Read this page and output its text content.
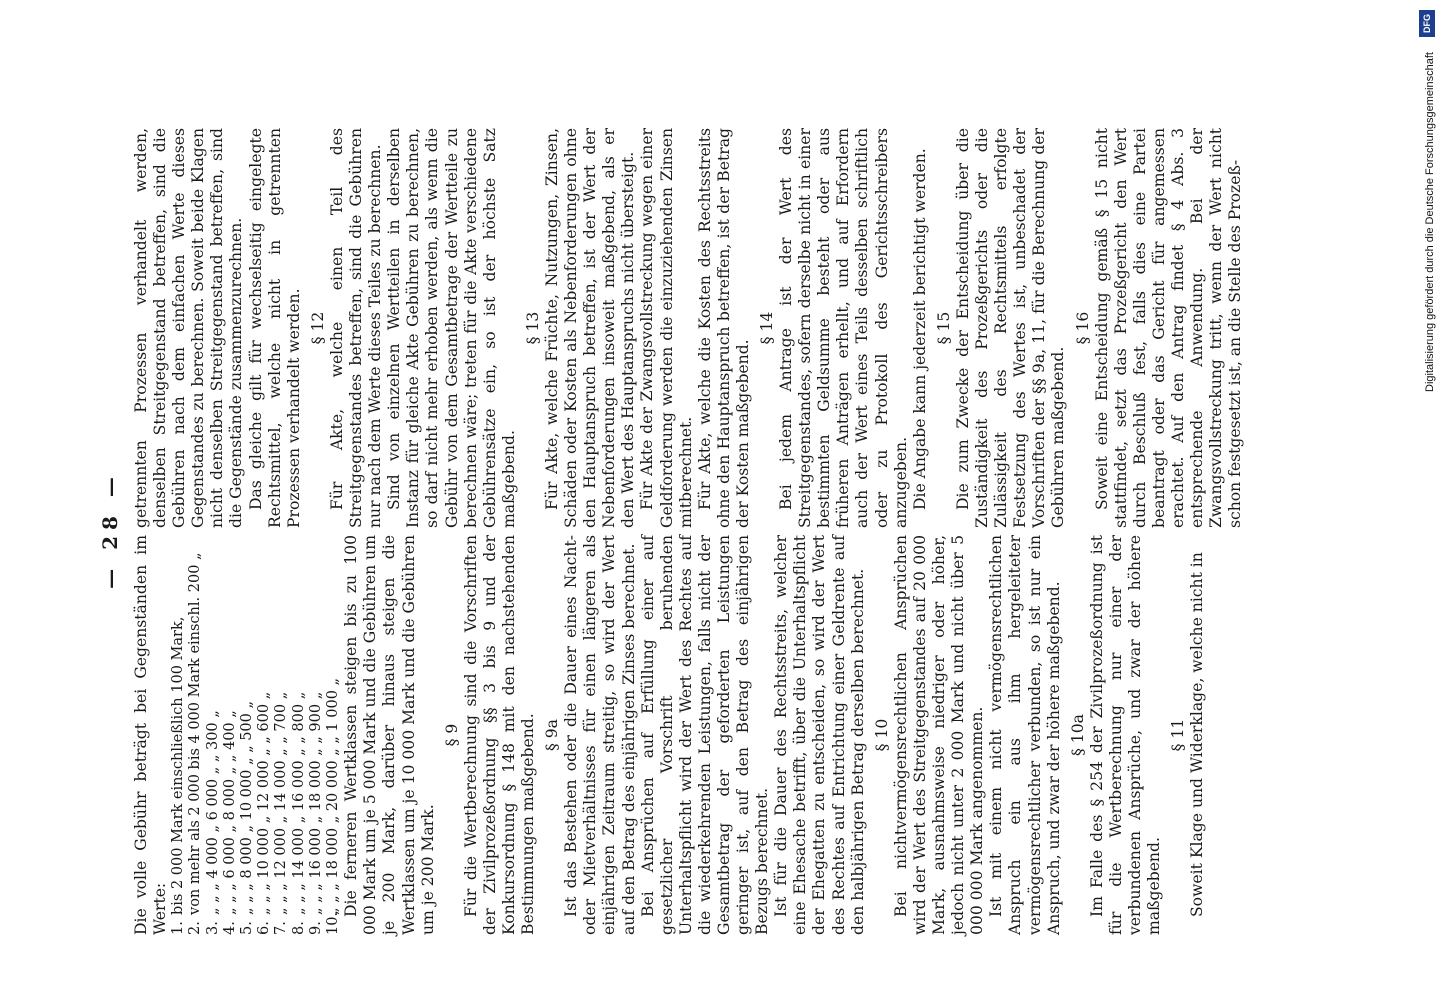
— 28 —

Die volle Gebühr beträgt bei Gegenständen im Werte: 1.bis 2 000 Mark einschließlich 100 Mark,
2.von mehr als 2 000 bis 4 000 Mark einschl. 200 „
3.„ „ „ 4 000 „ 6 000 „ „ 300 „
4.„ „ „ 6 000 „ 8 000 „ „ 400 „
5.„ „ „ 8 000 „ 10 000 „ „ 500 „
6.„ „ „ 10 000 „ 12 000 „ „ 600 „
7.„ „ „ 12 000 „ 14 000 „ „ 700 „
8.„ „ „ 14 000 „ 16 000 „ „ 800 „
9.„ „ „ 16 000 „ 18 000 „ „ 900 „
10.„ „ „ 18 000 „ 20 000 „ „ 1 000 „ Die ferneren Wertklassen steigen bis zu 100 000 Mark um je 5 000 Mark und die Gebühren um je 200 Mark, darüber hinaus steigen die Wertklassen um je 10 000 Mark und die Gebühren um je 200 Mark.

§ 9 Für die Wertberechnung sind die Vorschriften der Zivilprozeßordnung §§ 3 bis 9 und der Konkursordnung § 148 mit den nachstehenden Bestimmungen maßgebend. § 9a Ist das Bestehen oder die Dauer eines Nacht- oder Mietverhältnisses für einen längeren als einjährigen Zeitraum streitig, so wird der Wert auf den Betrag des einjährigen Zinses berechnet. Bei Ansprüchen auf Erfüllung einer auf gesetzlicher Vorschrift beruhenden Unterhaltspflicht wird der Wert des Rechtes auf die wiederkehrenden Leistungen, falls nicht der Gesamtbetrag der geforderten Leistungen geringer ist, auf den Betrag des einjährigen Bezugs berechnet. Ist für die Dauer des Rechtsstreits, welcher eine Ehesache betrifft, über die Unterhaltspflicht der Ehegatten zu entscheiden, so wird der Wert des Rechtes auf Entrichtung einer Geldrente auf den halbjährigen Betrag derselben berechnet. § 10 Bei nichtvermögensrechtlichen Ansprüchen wird der Wert des Streitgegenstandes auf 20 000 Mark, ausnahmsweise niedriger oder höher, jedoch nicht unter 2 000 Mark und nicht über 5 000 000 Mark angenommen. Ist mit einem nicht vermögensrechtlichen Anspruch ein aus ihm hergeleiteter vermögensrechtlicher verbunden, so ist nur ein Anspruch, und zwar der höhere maßgebend. § 10a Im Falle des § 254 der Zivilprozeßordnung ist für die Wertberechnung nur einer der verbundenen Ansprüche, und zwar der höhere maßgebend.

§ 11 Soweit Klage und Widerklage, welche nicht in

getrennten Prozessen verhandelt werden, denselben Streitgegenstand betreffen, sind die Gebühren nach dem einfachen Werte dieses Gegenstandes zu berechnen. Soweit beide Klagen nicht denselben Streitgegenstand betreffen, sind die Gegenstände zusammenzurechnen. Das gleiche gilt für wechselseitig eingelegte Rechtsmittel, welche nicht in getrennten Prozessen verhandelt werden. § 12 Für Akte, welche einen Teil des Streitgegenstandes betreffen, sind die Gebühren nur nach dem Werte dieses Teiles zu berechnen. Sind von einzelnen Wertteilen in derselben Instanz für gleiche Akte Gebühren zu berechnen, so darf nicht mehr erhoben werden, als wenn die Gebühr von dem Gesamtbetrage der Wertteile zu berechnen wäre; treten für die Akte verschiedene Gebührensätze ein, so ist der höchste Satz maßgebend.

§ 13 Für Akte, welche Früchte, Nutzungen, Zinsen, Schäden oder Kosten als Nebenforderungen ohne den Hauptanspruch betreffen, ist der Wert der Nebenforderungen insoweit maßgebend, als er den Wert des Hauptanspruchs nicht übersteigt. Für Akte der Zwangsvollstreckung wegen einer Geldforderung werden die einzuziehenden Zinsen mitberechnet. Für Akte, welche die Kosten des Rechtsstreits ohne den Hauptanspruch betreffen, ist der Betrag der Kosten maßgebend.

§ 14 Bei jedem Antrage ist der Wert des Streitgegenstandes, sofern derselbe nicht in einer bestimmten Geldsumme besteht oder aus früheren Anträgen erhellt, und auf Erfordern auch der Wert eines Teils desselben schriftlich oder zu Protokoll des Gerichtsschreibers anzugeben. Die Angabe kann jederzeit berichtigt werden. § 15 Die zum Zwecke der Entscheidung über die Zuständigkeit des Prozeßgerichts oder die Zulässigkeit des Rechtsmittels erfolgte Festsetzung des Wertes ist, unbeschadet der Vorschriften der §§ 9a, 11, für die Berechnung der Gebühren maßgebend.

§ 16 Soweit eine Entscheidung gemäß § 15 nicht stattfindet, setzt das Prozeßgericht den Wert durch Beschluß fest, falls dies eine Partei beantragt oder das Gericht für angemessen erachtet. Auf den Antrag findet § 4 Abs. 3 entsprechende Anwendung. Bei der Zwangsvollstreckung tritt, wenn der Wert nicht schon festgesetzt ist, an die Stelle des Prozeß-	Digitalisierung gefördert durch die Deutsche Forschungsgemeinschaft
DFG
